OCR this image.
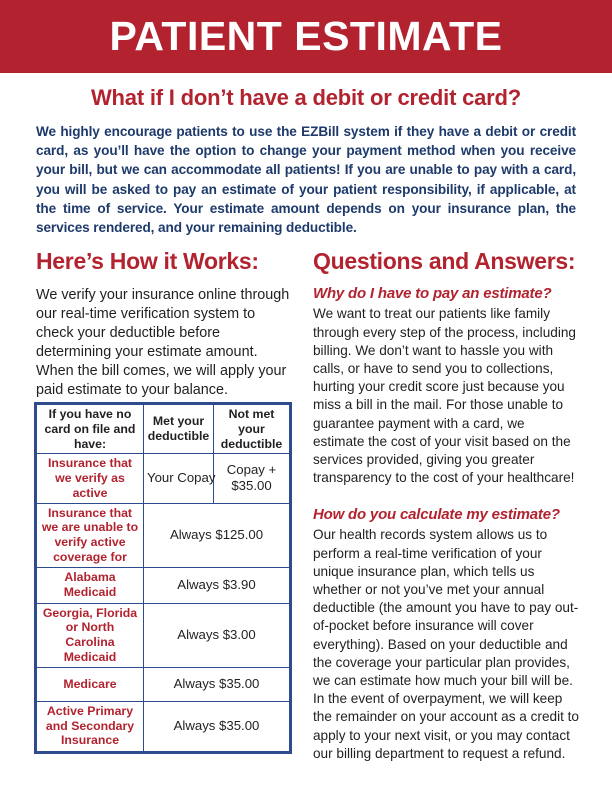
PATIENT ESTIMATE
What if I don’t have a debit or credit card?

We highly encourage patients to use the EZBill system if they have a debit or credit card, as you’ll have the option to change your payment method when you receive your bill, but we can accommodate all patients! If you are unable to pay with a card, you will be asked to pay an estimate of your patient responsibility, if applicable, at the time of service. Your estimate amount depends on your insurance plan, the services rendered, and your remaining deductible.

Here’s How it Works:

We verify your insurance online through our real-time verification system to check your deductible before determining your estimate amount. When the bill comes, we will apply your paid estimate to your balance.

If you have no card on file and have:	Met your deductible	Not met your deductible
Insurance that we verify as active	Your Copay	Copay + $35.00
Insurance that we are unable to verify active coverage for	Always $125.00	
Alabama Medicaid	Always $3.90	
Georgia, Florida or North Carolina Medicaid	Always $3.00	
Medicare	Always $35.00	
Active Primary and Secondary Insurance	Always $35.00	
Questions and Answers:
Why do I have to pay an estimate?

We want to treat our patients like family through every step of the process, including billing. We don’t want to hassle you with calls, or have to send you to collections, hurting your credit score just because you miss a bill in the mail. For those unable to guarantee payment with a card, we estimate the cost of your visit based on the services provided, giving you greater transparency to the cost of your healthcare!

How do you calculate my estimate?

Our health records system allows us to perform a real-time verification of your unique insurance plan, which tells us whether or not you’ve met your annual deductible (the amount you have to pay out-of-pocket before insurance will cover everything). Based on your deductible and the coverage your particular plan provides, we can estimate how much your bill will be. In the event of overpayment, we will keep the remainder on your account as a credit to apply to your next visit, or you may contact our billing department to request a refund.
